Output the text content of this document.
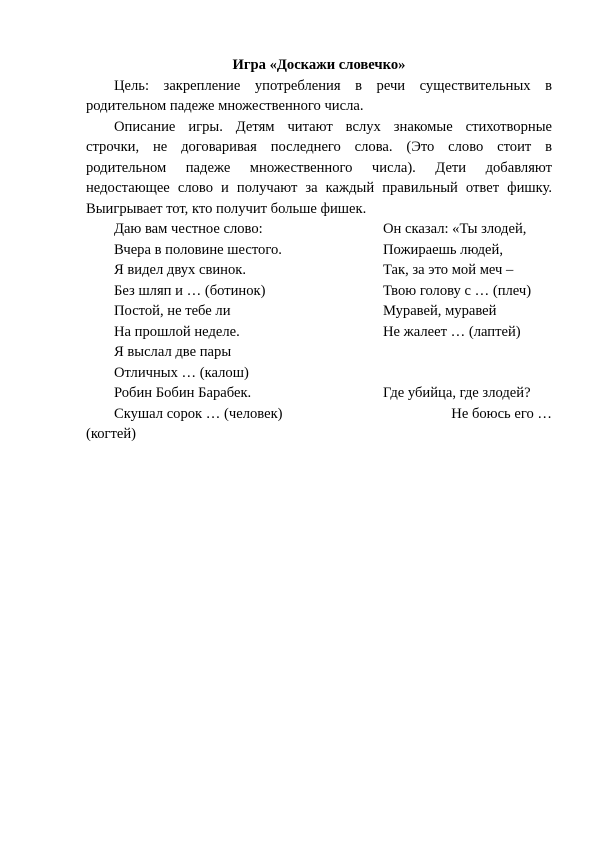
Игра «Доскажи словечко»

Цель: закрепление употребления в речи существительных в родительном падеже множественного числа.

Описание игры. Детям читают вслух знакомые стихотворные строчки, не договаривая последнего слова. (Это слово стоит в родительном падеже множественного числа). Дети добавляют недостающее слово и получают за каждый правильный ответ фишку. Выигрывает тот, кто получит больше фишек.

Даю вам честное слово:	Он сказал: «Ты злодей,
Вчера в половине шестого.	Пожираешь людей,
Я видел двух свинок.	Так, за это мой меч –
Без шляп и … (ботинок)	Твою голову с … (плеч)
Постой, не тебе ли	Муравей, муравей
На прошлой неделе.	Не жалеет … (лаптей)
Я выслал две пары
Отличных … (калош)
Робин Бобин Барабек.	Где убийца, где злодей?
Скушал сорок … (человек)	Не боюсь его …
(когтей)
